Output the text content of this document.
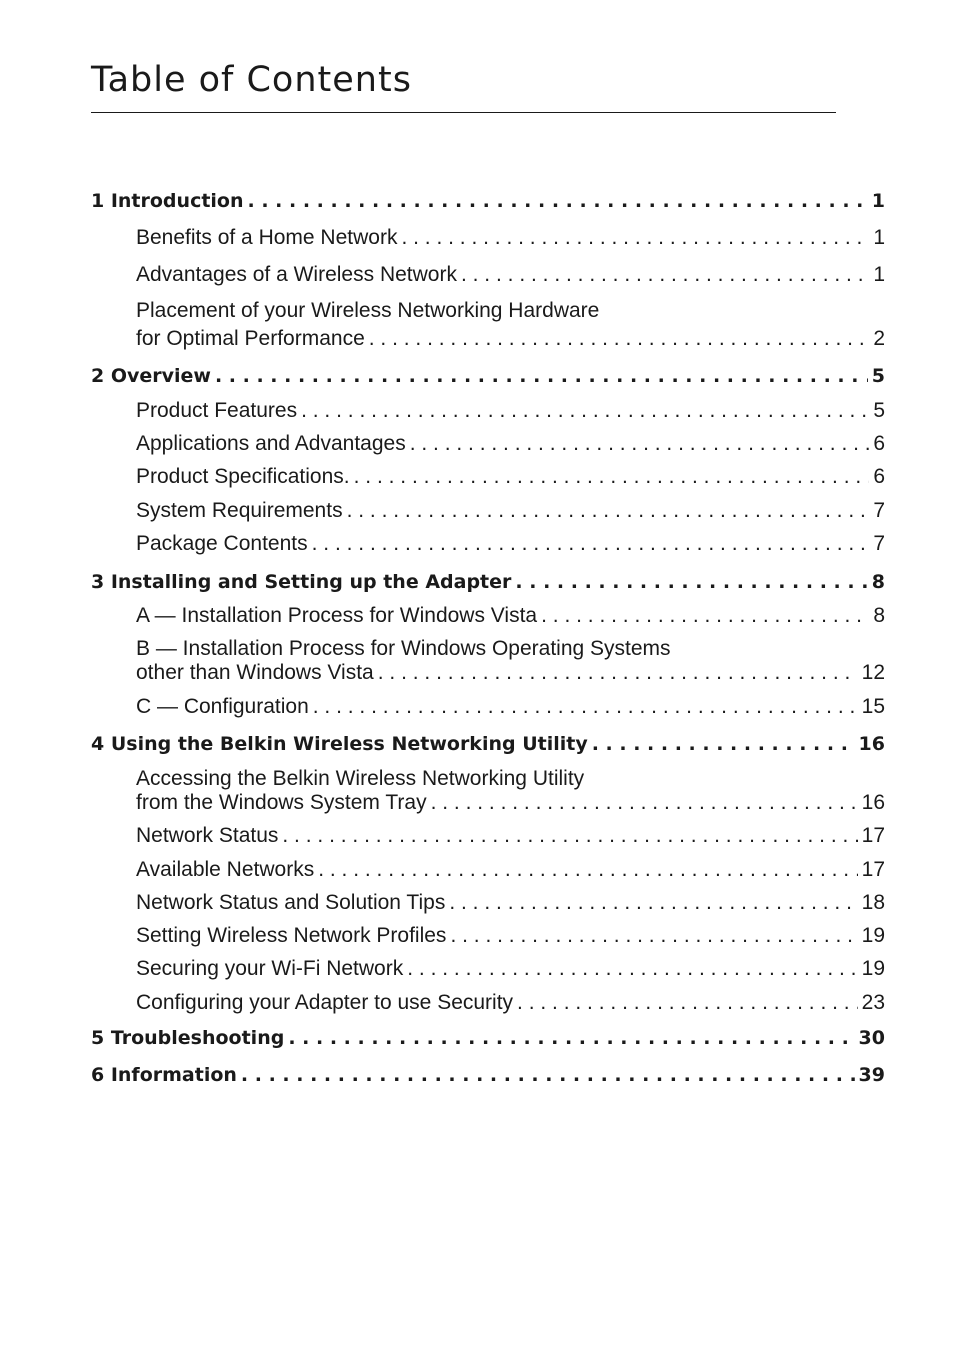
Table of Contents
1 Introduction . . .	1
Benefits of a Home Network . . .	1
Advantages of a Wireless Network . . .	1
Placement of your Wireless Networking Hardware
for Optimal Performance . . .	2
2 Overview . . .	5
Product Features . . .	5
Applications and Advantages . . .	6
Product Specifications. . . .	6
System Requirements . . .	7
Package Contents . . .	7
3 Installing and Setting up the Adapter . . .	8
A — Installation Process for Windows Vista . . .	8
B — Installation Process for Windows Operating Systems
other than Windows Vista . . .	12
C — Configuration . . .	15
4 Using the Belkin Wireless Networking Utility . . .	16
Accessing the Belkin Wireless Networking Utility
from the Windows System Tray . . .	16
Network Status . . .	17
Available Networks . . .	17
Network Status and Solution Tips . . .	18
Setting Wireless Network Profiles . . .	19
Securing your Wi-Fi Network . . .	19
Configuring your Adapter to use Security . . .	23
5 Troubleshooting . . .	30
6 Information . . .	39
